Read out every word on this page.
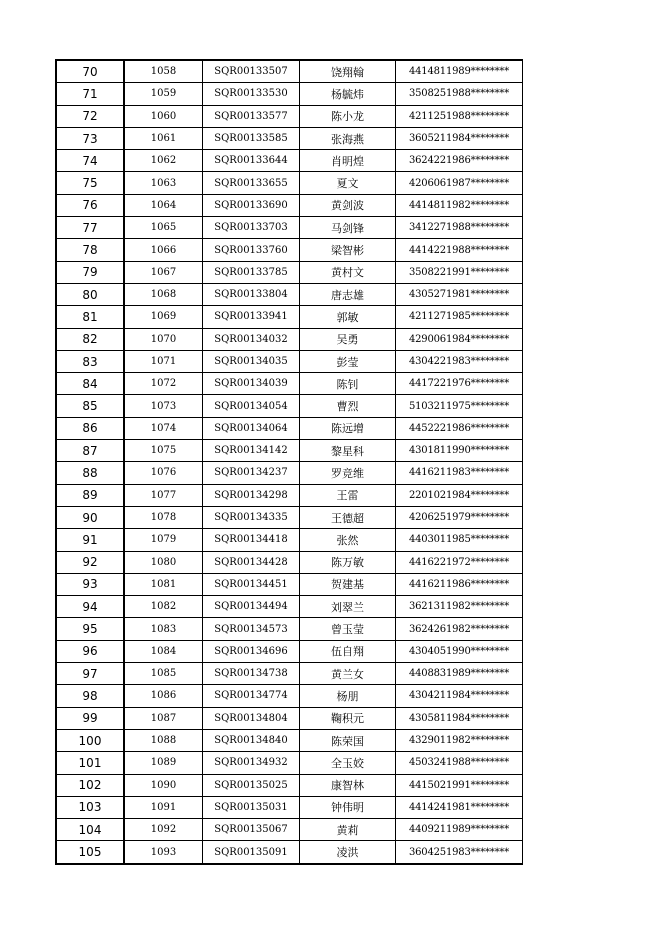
70	1058	SQR00133507	饶翔翰	4414811989********
71	1059	SQR00133530	杨毓炜	3508251988********
72	1060	SQR00133577	陈小龙	4211251988********
73	1061	SQR00133585	张海燕	3605211984********
74	1062	SQR00133644	肖明煌	3624221986********
75	1063	SQR00133655	夏文	4206061987********
76	1064	SQR00133690	黄剑波	4414811982********
77	1065	SQR00133703	马剑锋	3412271988********
78	1066	SQR00133760	梁智彬	4414221988********
79	1067	SQR00133785	黄村文	3508221991********
80	1068	SQR00133804	唐志雄	4305271981********
81	1069	SQR00133941	郭敏	4211271985********
82	1070	SQR00134032	吴勇	4290061984********
83	1071	SQR00134035	彭莹	4304221983********
84	1072	SQR00134039	陈钊	4417221976********
85	1073	SQR00134054	曹烈	5103211975********
86	1074	SQR00134064	陈远增	4452221986********
87	1075	SQR00134142	黎星科	4301811990********
88	1076	SQR00134237	罗竞维	4416211983********
89	1077	SQR00134298	王雷	2201021984********
90	1078	SQR00134335	王德超	4206251979********
91	1079	SQR00134418	张然	4403011985********
92	1080	SQR00134428	陈万敏	4416221972********
93	1081	SQR00134451	贺建基	4416211986********
94	1082	SQR00134494	刘翠兰	3621311982********
95	1083	SQR00134573	曾玉莹	3624261982********
96	1084	SQR00134696	伍自翔	4304051990********
97	1085	SQR00134738	黄兰女	4408831989********
98	1086	SQR00134774	杨朋	4304211984********
99	1087	SQR00134804	鞠积元	4305811984********
100	1088	SQR00134840	陈荣国	4329011982********
101	1089	SQR00134932	全玉姣	4503241988********
102	1090	SQR00135025	康智林	4415021991********
103	1091	SQR00135031	钟伟明	4414241981********
104	1092	SQR00135067	黄莉	4409211989********
105	1093	SQR00135091	凌洪	3604251983********
